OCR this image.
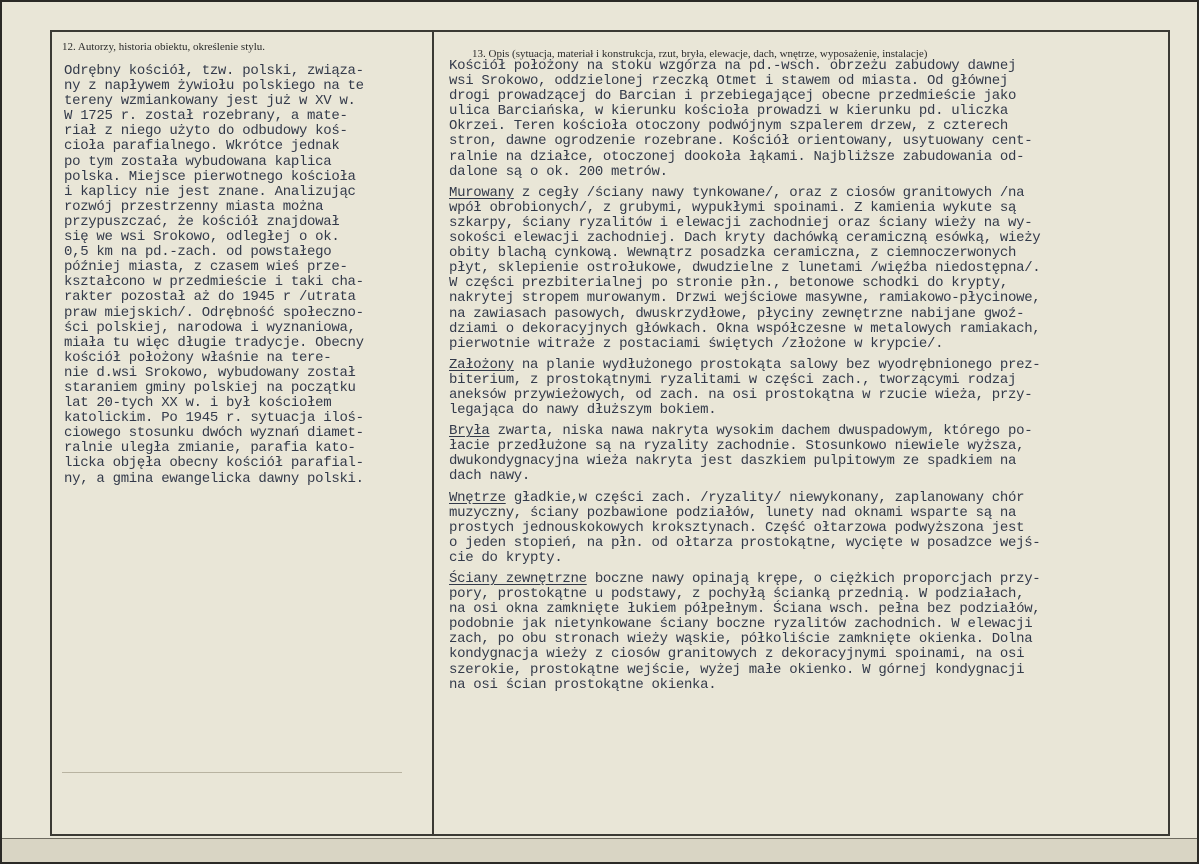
12. Autorzy, historia obiektu, określenie stylu.
13. Opis (sytuacja, materiał i konstrukcja, rzut, bryła, elewacje, dach, wnętrze, wyposażenie, instalacje)
Odrębny kościół, tzw. polski, związa-
ny z napływem żywiołu polskiego na te
tereny wzmiankowany jest już w XV w.
W 1725 r. został rozebrany, a mate-
riał z niego użyto do odbudowy koś-
cioła parafialnego. Wkrótce jednak
po tym została wybudowana kaplica
polska. Miejsce pierwotnego kościoła
i kaplicy nie jest znane. Analizując
rozwój przestrzenny miasta można
przypuszczać, że kościół znajdował
się we wsi Srokowo, odległej o ok.
0,5 km na pd.-zach. od powstałego
później miasta, z czasem wieś prze-
kształcono w przedmieście i taki cha-
rakter pozostał aż do 1945 r /utrata
praw miejskich/. Odrębność społeczno-
ści polskiej, narodowa i wyznaniowa,
miała tu więc długie tradycje. Obecny
kościół położony właśnie na tere-
nie d.wsi Srokowo, wybudowany został
staraniem gminy polskiej na początku
lat 20-tych XX w. i był kościołem
katolickim. Po 1945 r. sytuacja iloś-
ciowego stosunku dwóch wyznań diamet-
ralnie uległa zmianie, parafia kato-
licka objęła obecny kościół parafial-
ny, a gmina ewangelicka dawny polski.
Kościół położony na stoku wzgórza na pd.-wsch. obrzeżu zabudowy dawnej
wsi Srokowo, oddzielonej rzeczką Otmet i stawem od miasta. Od głównej
drogi prowadzącej do Barcian i przebiegającej obecne przedmieście jako
ulica Barciańska, w kierunku kościoła prowadzi w kierunku pd. uliczka
Okrzei. Teren kościoła otoczony podwójnym szpalerem drzew, z czterech
stron, dawne ogrodzenie rozebrane. Kościół orientowany, usytuowany cent-
ralnie na działce, otoczonej dookoła łąkami. Najbliższe zabudowania od-
dalone są o ok. 200 metrów.
Murowany z cegły /ściany nawy tynkowane/, oraz z ciosów granitowych /na
wpół obrobionych/, z grubymi, wypukłymi spoinami. Z kamienia wykute są
szkarpy, ściany ryzalitów i elewacji zachodniej oraz ściany wieży na wy-
sokości elewacji zachodniej. Dach kryty dachówką ceramiczną esówką, wieży
obity blachą cynkową. Wewnątrz posadzka ceramiczna, z ciemnoczerwonych
płyt, sklepienie ostrołukowe, dwudzielne z lunetami /więźba niedostępna/.
W części prezbiterialnej po stronie płn., betonowe schodki do krypty,
nakrytej stropem murowanym. Drzwi wejściowe masywne, ramiakowo-płycinowe,
na zawiasach pasowych, dwuskrzydłowe, płyciny zewnętrzne nabijane gwoź-
dziami o dekoracyjnych główkach. Okna współczesne w metalowych ramiakach,
pierwotnie witraże z postaciami świętych /złożone w krypcie/.
Założony na planie wydłużonego prostokąta salowy bez wyodrębnionego prez-
biterium, z prostokątnymi ryzalitami w części zach., tworzącymi rodzaj
aneksów przywieżowych, od zach. na osi prostokątna w rzucie wieża, przy-
legająca do nawy dłuższym bokiem.
Bryła zwarta, niska nawa nakryta wysokim dachem dwuspadowym, którego po-
łacie przedłużone są na ryzality zachodnie. Stosunkowo niewiele wyższa,
dwukondygnacyjna wieża nakryta jest daszkiem pulpitowym ze spadkiem na
dach nawy.
Wnętrze gładkie,w części zach. /ryzality/ niewykonany, zaplanowany chór
muzyczny, ściany pozbawione podziałów, lunety nad oknami wsparte są na
prostych jednouskokowych kroksztynach. Część ołtarzowa podwyższona jest
o jeden stopień, na płn. od ołtarza prostokątne, wycięte w posadzce wejś-
cie do krypty.
Ściany zewnętrzne boczne nawy opinają krępe, o ciężkich proporcjach przy-
pory, prostokątne u podstawy, z pochyłą ścianką przednią. W podziałach,
na osi okna zamknięte łukiem półpełnym. Ściana wsch. pełna bez podziałów,
podobnie jak nietynkowane ściany boczne ryzalitów zachodnich. W elewacji
zach, po obu stronach wieży wąskie, półkoliście zamknięte okienka. Dolna
kondygnacja wieży z ciosów granitowych z dekoracyjnymi spoinami, na osi
szerokie, prostokątne wejście, wyżej małe okienko. W górnej kondygnacji
na osi ścian prostokątne okienka.
